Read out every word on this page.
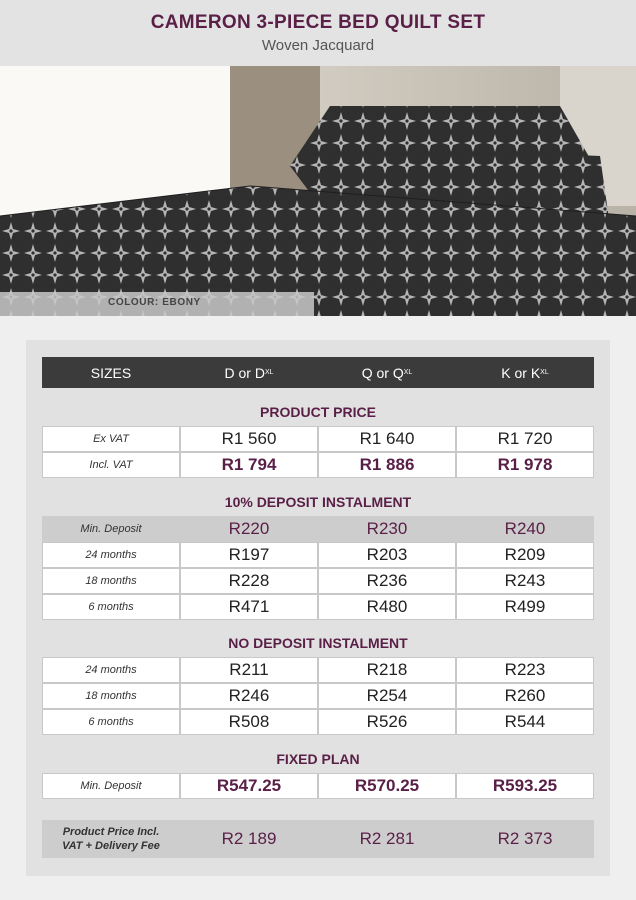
CAMERON 3-PIECE BED QUILT SET
Woven Jacquard
COLOUR: EBONY
SIZES	D or D XL	Q or Q XL	K or K XL
PRODUCT PRICE
Ex VAT	R1 560	R1 640	R1 720
Incl. VAT	R1 794	R1 886	R1 978
10% DEPOSIT INSTALMENT
Min. Deposit	R220	R230	R240
24 months	R197	R203	R209
18 months	R228	R236	R243
6 months	R471	R480	R499
NO DEPOSIT INSTALMENT
24 months	R211	R218	R223
18 months	R246	R254	R260
6 months	R508	R526	R544
FIXED PLAN
Min. Deposit	R547.25	R570.25	R593.25
Product Price Incl.
VAT + Delivery Fee	R2 189	R2 281	R2 373
